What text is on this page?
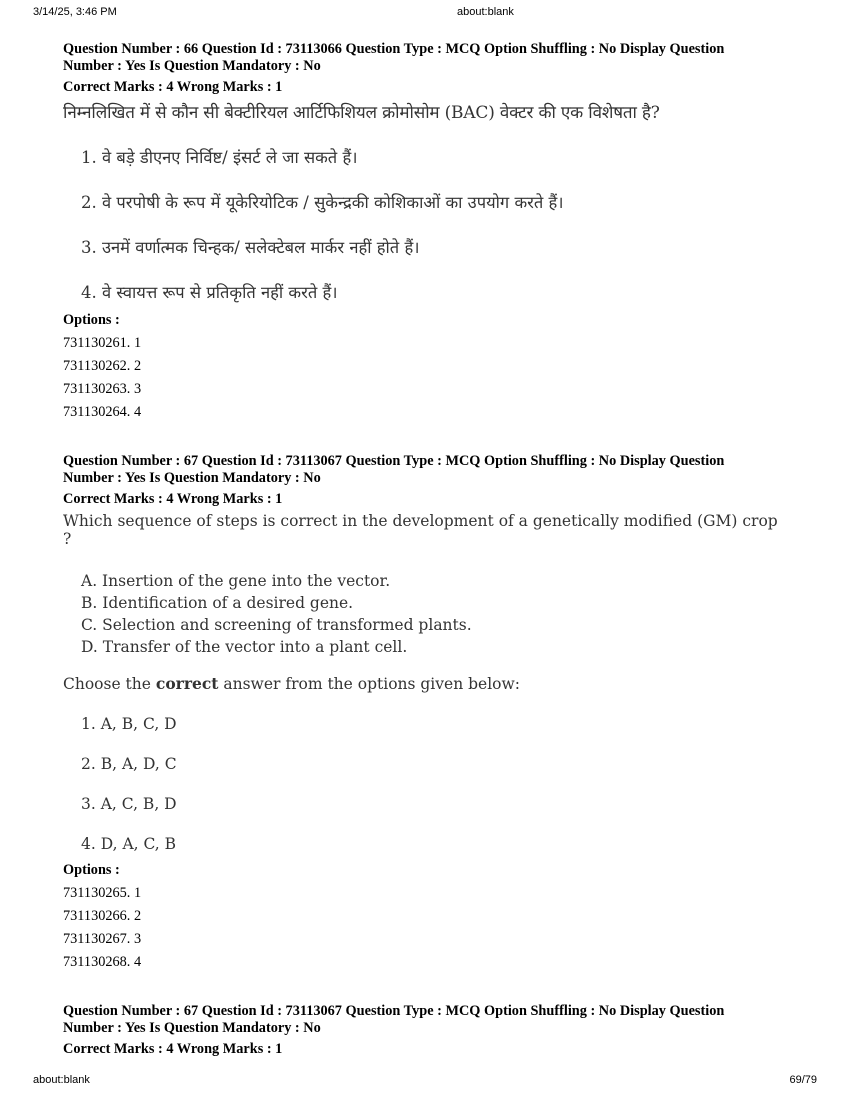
3/14/25, 3:46 PM	about:blank
Question Number : 66 Question Id : 73113066 Question Type : MCQ Option Shuffling : No Display Question
Number : Yes Is Question Mandatory : No
Correct Marks : 4 Wrong Marks : 1
निम्नलिखित में से कौन सी बेक्टीरियल आर्टिफिशियल क्रोमोसोम (BAC) वेक्टर की एक विशेषता है?
1. वे बड़े डीएनए निर्विष्ट/ इंसर्ट ले जा सकते हैं।
2. वे परपोषी के रूप में यूकेरियोटिक / सुकेन्द्रकी कोशिकाओं का उपयोग करते हैं।
3. उनमें वर्णात्मक चिन्हक/ सलेक्टेबल मार्कर नहीं होते हैं।
4. वे स्वायत्त रूप से प्रतिकृति नहीं करते हैं।
Options :
731130261. 1
731130262. 2
731130263. 3
731130264. 4
Question Number : 67 Question Id : 73113067 Question Type : MCQ Option Shuffling : No Display Question
Number : Yes Is Question Mandatory : No
Correct Marks : 4 Wrong Marks : 1
Which sequence of steps is correct in the development of a genetically modified (GM) crop ?
A. Insertion of the gene into the vector.
B. Identification of a desired gene.
C. Selection and screening of transformed plants.
D. Transfer of the vector into a plant cell.
Choose the correct answer from the options given below:
1. A, B, C, D
2. B, A, D, C
3. A, C, B, D
4. D, A, C, B
Options :
731130265. 1
731130266. 2
731130267. 3
731130268. 4
Question Number : 67 Question Id : 73113067 Question Type : MCQ Option Shuffling : No Display Question
Number : Yes Is Question Mandatory : No
Correct Marks : 4 Wrong Marks : 1
about:blank	69/79
